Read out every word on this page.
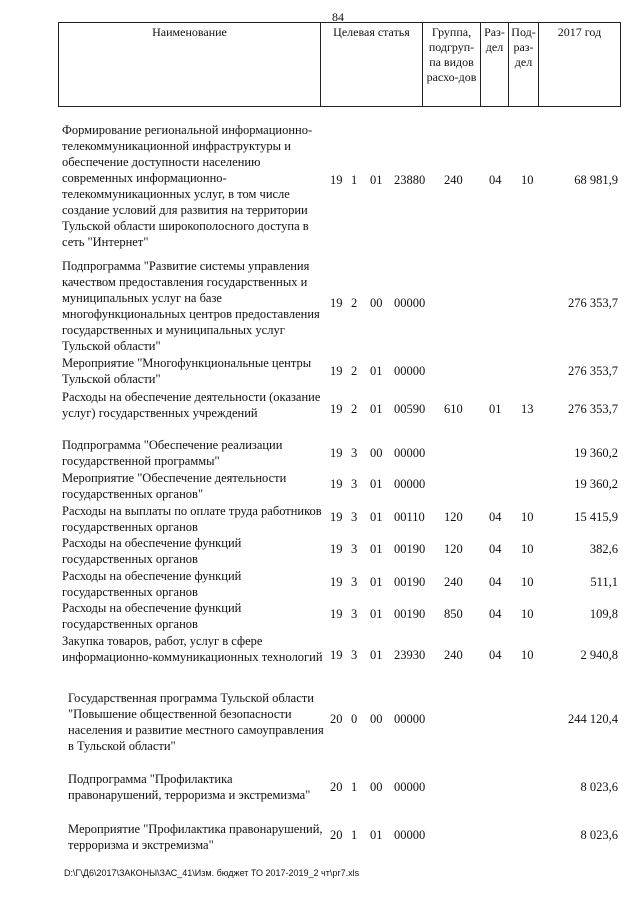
84
Наименование	Целевая статья	Группа, подгруп-па видов расхо-дов	Раз-дел	Под-раз-дел	2017 год
Формирование региональной информационно-телекоммуникационной инфраструктуры и обеспечение доступности населению современных информационно-телекоммуникационных услуг, в том числе создание условий для развития на территории Тульской области широкополосного доступа в сеть "Интернет"
19 1 01 23880 240 04 10	68 981,9
Подпрограмма "Развитие системы управления качеством предоставления государственных и муниципальных услуг на базе многофункциональных центров предоставления государственных и муниципальных услуг Тульской области"
19 2 00 00000	276 353,7
Мероприятие "Многофункциональные центры Тульской области"
19 2 01 00000	276 353,7
Расходы на обеспечение деятельности (оказание услуг) государственных учреждений	19 2 01 00590 610 01 13	276 353,7
Подпрограмма "Обеспечение реализации государственной программы"
19 3 00 00000	19 360,2
Мероприятие "Обеспечение деятельности государственных органов"
19 3 01 00000	19 360,2
Расходы на выплаты по оплате труда работников государственных органов
19 3 01 00110 120 04 10	15 415,9
Расходы на обеспечение функций государственных органов
19 3 01 00190 120 04 10	382,6
Расходы на обеспечение функций государственных органов
19 3 01 00190 240 04 10	511,1
Расходы на обеспечение функций государственных органов
19 3 01 00190 850 04 10	109,8
Закупка товаров, работ, услуг в сфере информационно-коммуникационных технологий 19 3 01 23930 240 04 10	2 940,8
Государственная программа Тульской области "Повышение общественной безопасности населения и развитие местного самоуправления в Тульской области"
20 0 00 00000	244 120,4
Подпрограмма "Профилактика правонарушений, терроризма и экстремизма"
20 1 00 00000	8 023,6
Мероприятие "Профилактика правонарушений, терроризма и экстремизма"
20 1 01 00000	8 023,6
D:\Г\Д6\2017\ЗАКОНЫ\ЗАС_41\Изм. бюджет ТО 2017-2019_2 чт\рг7.xls
